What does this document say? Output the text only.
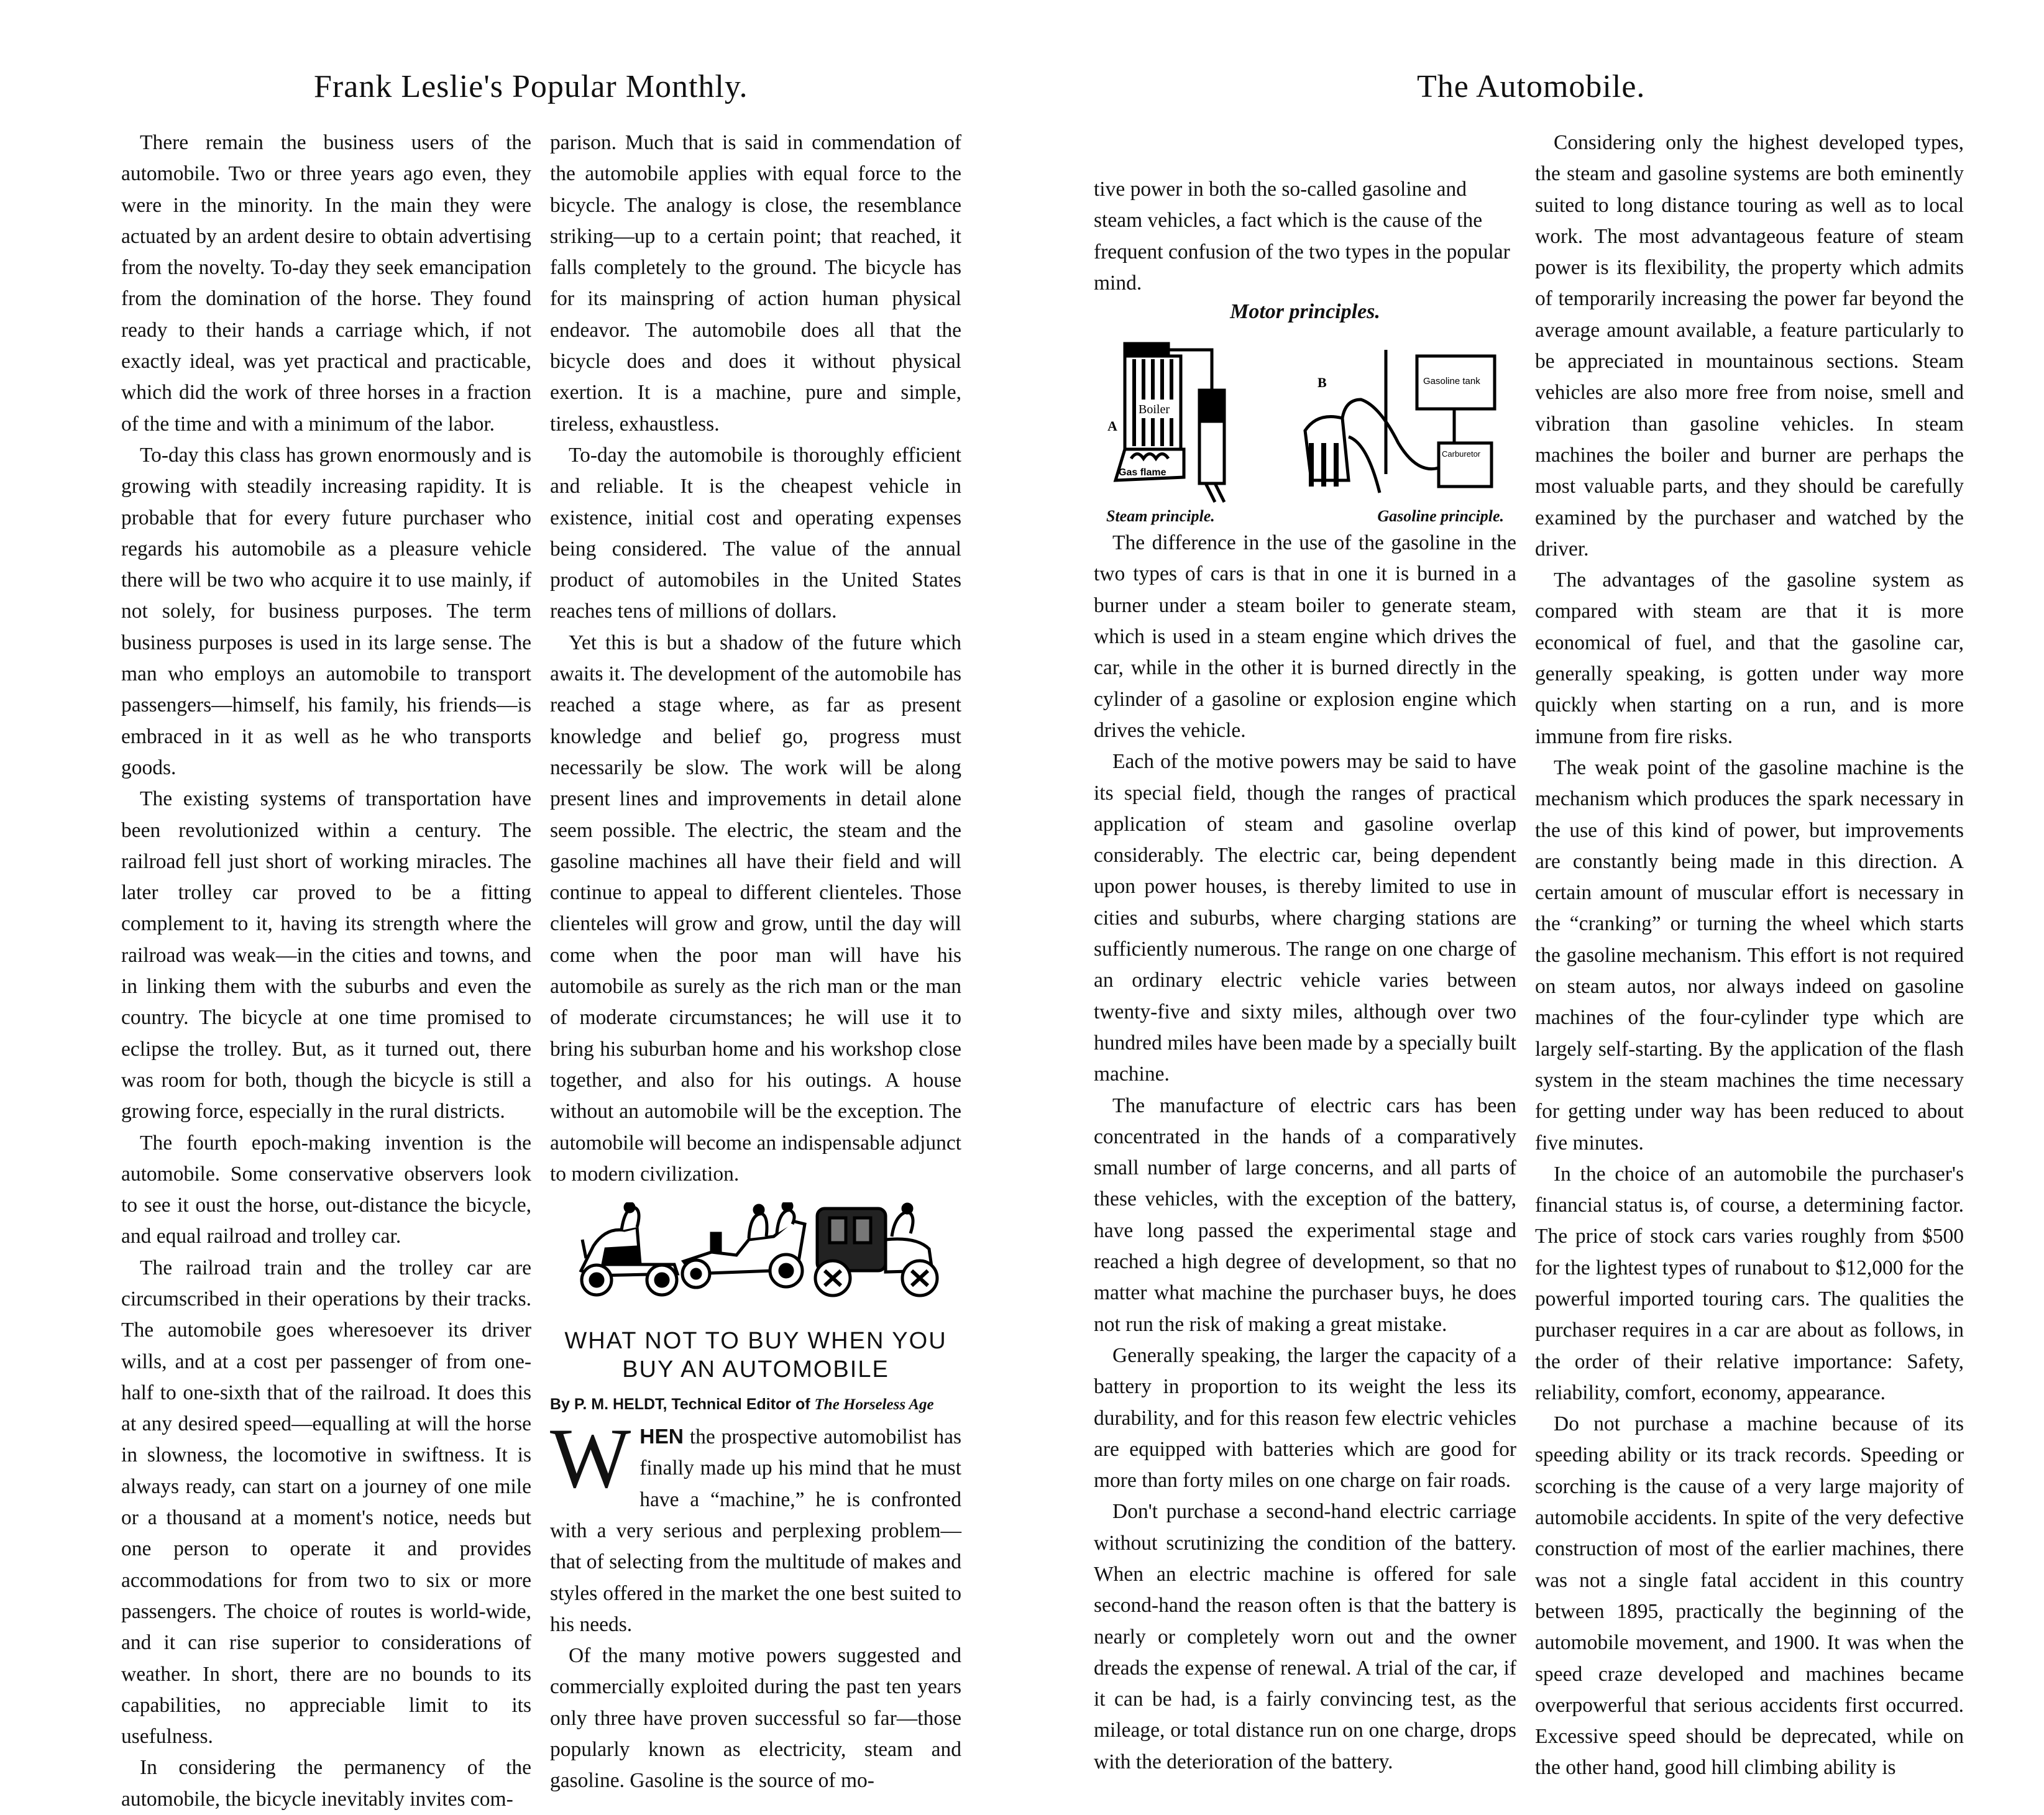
Frank Leslie's Popular Monthly.	The Automobile.

There remain the business users of the automobile. Two or three years ago even, they were in the minority. In the main they were actuated by an ardent desire to obtain advertising from the novelty. To-day they seek emancipation from the domination of the horse. They found ready to their hands a carriage which, if not exactly ideal, was yet practical and practicable, which did the work of three horses in a fraction of the time and with a minimum of the labor.

To-day this class has grown enormously and is growing with steadily increasing rapidity. It is probable that for every future purchaser who regards his automobile as a pleasure vehicle there will be two who acquire it to use mainly, if not solely, for business purposes. The term business purposes is used in its large sense. The man who employs an automobile to transport passengers—himself, his family, his friends—is embraced in it as well as he who transports goods.

The existing systems of transportation have been revolutionized within a century. The railroad fell just short of working miracles. The later trolley car proved to be a fitting complement to it, having its strength where the railroad was weak—in the cities and towns, and in linking them with the suburbs and even the country. The bicycle at one time promised to eclipse the trolley. But, as it turned out, there was room for both, though the bicycle is still a growing force, especially in the rural districts.

The fourth epoch-making invention is the automobile. Some conservative observers look to see it oust the horse, out-distance the bicycle, and equal railroad and trolley car.

The railroad train and the trolley car are circumscribed in their operations by their tracks. The automobile goes wheresoever its driver wills, and at a cost per passenger of from one-half to one-sixth that of the railroad. It does this at any desired speed—equalling at will the horse in slowness, the locomotive in swiftness. It is always ready, can start on a journey of one mile or a thousand at a moment's notice, needs but one person to operate it and provides accommodations for from two to six or more passengers. The choice of routes is world-wide, and it can rise superior to considerations of weather. In short, there are no bounds to its capabilities, no appreciable limit to its usefulness.

In considering the permanency of the automobile, the bicycle inevitably invites com-

parison. Much that is said in commendation of the automobile applies with equal force to the bicycle. The analogy is close, the resemblance striking—up to a certain point; that reached, it falls completely to the ground. The bicycle has for its mainspring of action human physical endeavor. The automobile does all that the bicycle does and does it without physical exertion. It is a machine, pure and simple, tireless, exhaustless.

To-day the automobile is thoroughly efficient and reliable. It is the cheapest vehicle in existence, initial cost and operating expenses being considered. The value of the annual product of automobiles in the United States reaches tens of millions of dollars.

Yet this is but a shadow of the future which awaits it. The development of the automobile has reached a stage where, as far as present knowledge and belief go, progress must necessarily be slow. The work will be along present lines and improvements in detail alone seem possible. The electric, the steam and the gasoline machines all have their field and will continue to appeal to different clienteles. Those clienteles will grow and grow, until the day will come when the poor man will have his automobile as surely as the rich man or the man of moderate circumstances; he will use it to bring his suburban home and his workshop close together, and also for his outings. A house without an automobile will be the exception. The automobile will become an indispensable adjunct to modern civilization.

WHAT NOT TO BUY WHEN YOU
BUY AN AUTOMOBILE
By P. M. HELDT, Technical Editor of The Horseless Age

WHEN the prospective automobilist has finally made up his mind that he must have a “machine,” he is confronted with a very serious and perplexing problem—that of selecting from the multitude of makes and styles offered in the market the one best suited to his needs.

Of the many motive powers suggested and commercially exploited during the past ten years only three have proven successful so far—those popularly known as electricity, steam and gasoline. Gasoline is the source of mo-

tive power in both the so-called gasoline and steam vehicles, a fact which is the cause of the frequent confusion of the two types in the popular mind.

Motor principles.
Boiler
Gas flame
A
B	Gasoline tank
Carburetor
Steam principle.	Gasoline principle.

The difference in the use of the gasoline in the two types of cars is that in one it is burned in a burner under a steam boiler to generate steam, which is used in a steam engine which drives the car, while in the other it is burned directly in the cylinder of a gasoline or explosion engine which drives the vehicle.

Each of the motive powers may be said to have its special field, though the ranges of practical application of steam and gasoline overlap considerably. The electric car, being dependent upon power houses, is thereby limited to use in cities and suburbs, where charging stations are sufficiently numerous. The range on one charge of an ordinary electric vehicle varies between twenty-five and sixty miles, although over two hundred miles have been made by a specially built machine.

The manufacture of electric cars has been concentrated in the hands of a comparatively small number of large concerns, and all parts of these vehicles, with the exception of the battery, have long passed the experimental stage and reached a high degree of development, so that no matter what machine the purchaser buys, he does not run the risk of making a great mistake.

Generally speaking, the larger the capacity of a battery in proportion to its weight the less its durability, and for this reason few electric vehicles are equipped with batteries which are good for more than forty miles on one charge on fair roads.

Don't purchase a second-hand electric carriage without scrutinizing the condition of the battery. When an electric machine is offered for sale second-hand the reason often is that the battery is nearly or completely worn out and the owner dreads the expense of renewal. A trial of the car, if it can be had, is a fairly convincing test, as the mileage, or total distance run on one charge, drops with the deterioration of the battery.

Considering only the highest developed types, the steam and gasoline systems are both eminently suited to long distance touring as well as to local work. The most advantageous feature of steam power is its flexibility, the property which admits of temporarily increasing the power far beyond the average amount available, a feature particularly to be appreciated in mountainous sections. Steam vehicles are also more free from noise, smell and vibration than gasoline vehicles. In steam machines the boiler and burner are perhaps the most valuable parts, and they should be carefully examined by the purchaser and watched by the driver.

The advantages of the gasoline system as compared with steam are that it is more economical of fuel, and that the gasoline car, generally speaking, is gotten under way more quickly when starting on a run, and is more immune from fire risks.

The weak point of the gasoline machine is the mechanism which produces the spark necessary in the use of this kind of power, but improvements are constantly being made in this direction. A certain amount of muscular effort is necessary in the “cranking” or turning the wheel which starts the gasoline mechanism. This effort is not required on steam autos, nor always indeed on gasoline machines of the four-cylinder type which are largely self-starting. By the application of the flash system in the steam machines the time necessary for getting under way has been reduced to about five minutes.

In the choice of an automobile the purchaser's financial status is, of course, a determining factor. The price of stock cars varies roughly from $500 for the lightest types of runabout to $12,000 for the powerful imported touring cars. The qualities the purchaser requires in a car are about as follows, in the order of their relative importance: Safety, reliability, comfort, economy, appearance.

Do not purchase a machine because of its speeding ability or its track records. Speeding or scorching is the cause of a very large majority of automobile accidents. In spite of the very defective construction of most of the earlier machines, there was not a single fatal accident in this country between 1895, practically the beginning of the automobile movement, and 1900. It was when the speed craze developed and machines became overpowerful that serious accidents first occurred. Excessive speed should be deprecated, while on the other hand, good hill climbing ability is
